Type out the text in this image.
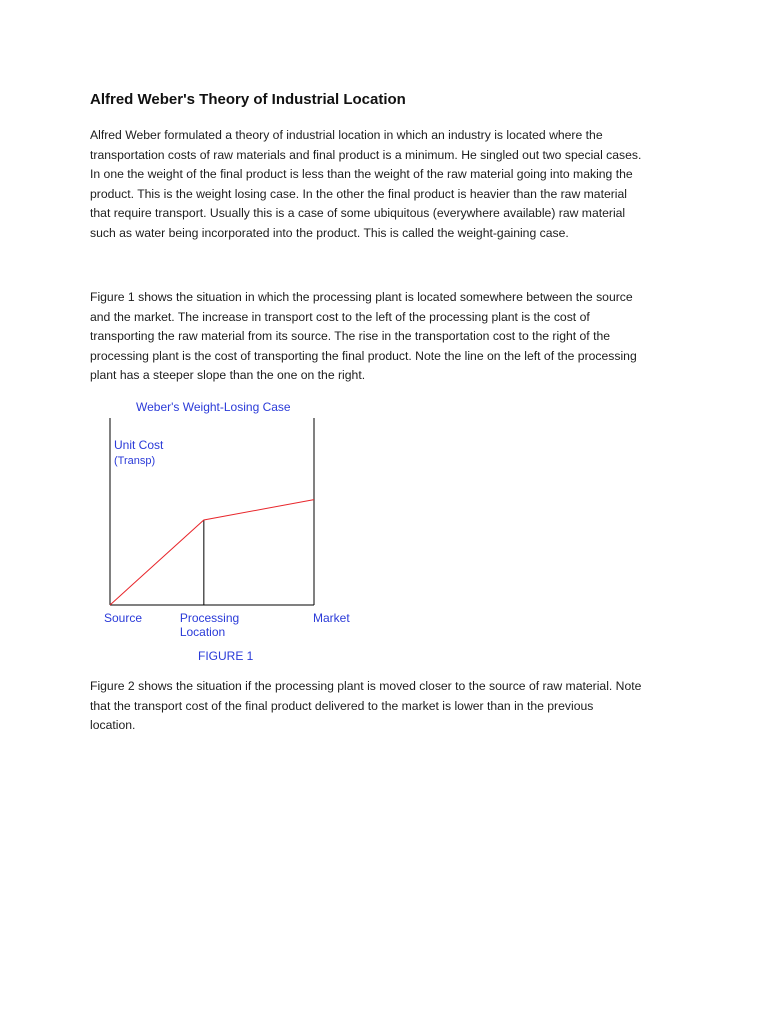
Alfred Weber's Theory of Industrial Location
Alfred Weber formulated a theory of industrial location in which an industry is located where the
transportation costs of raw materials and final product is a minimum. He singled out two special cases.
In one the weight of the final product is less than the weight of the raw material going into making the
product. This is the weight losing case. In the other the final product is heavier than the raw material
that require transport. Usually this is a case of some ubiquitous (everywhere available) raw material
such as water being incorporated into the product. This is called the weight-gaining case.
Figure 1 shows the situation in which the processing plant is located somewhere between the source
and the market. The increase in transport cost to the left of the processing plant is the cost of
transporting the raw material from its source. The rise in the transportation cost to the right of the
processing plant is the cost of transporting the final product. Note the line on the left of the processing
plant has a steeper slope than the one on the right.
Weber's Weight-Losing Case
Unit Cost
(Transp)
Source	Processing
Location
Market
FIGURE 1
Figure 2 shows the situation if the processing plant is moved closer to the source of raw material. Note
that the transport cost of the final product delivered to the market is lower than in the previous
location.
